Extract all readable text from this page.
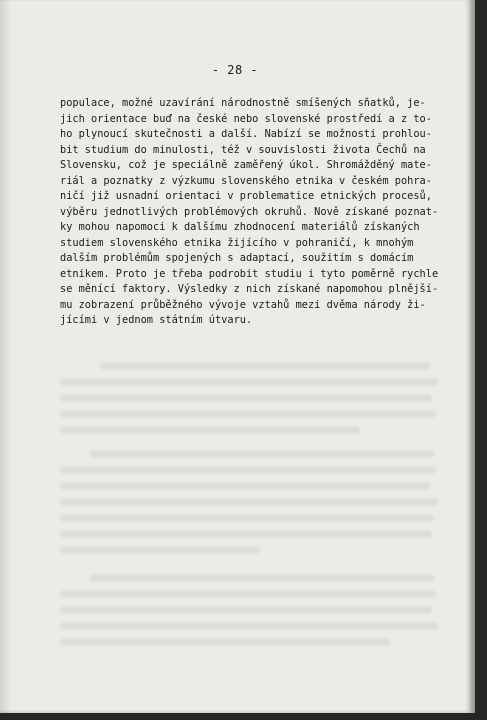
- 28 -
populace, možné uzavírání národnostně smíšených sňatků, je-
jich orientace buď na české nebo slovenské prostředí a z to-
ho plynoucí skutečnosti a další. Nabízí se možnosti prohlou-
bit studium do minulosti, též v souvislosti života Čechů na
Slovensku, což je speciálně zaměřený úkol. Shromážděný mate-
riál a poznatky z výzkumu slovenského etnika v českém pohra-
ničí již usnadní orientaci v problematice etnických procesů,
výběru jednotlivých problémových okruhů. Nově získané poznat-
ky mohou napomoci k dalšímu zhodnocení materiálů získaných
studiem slovenského etnika žijícího v pohraničí, k mnohým
dalším problémům spojených s adaptací, soužitím s domácím
etnikem. Proto je třeba podrobit studiu i tyto poměrně rychle
se měnící faktory. Výsledky z nich získané napomohou plnější-
mu zobrazení průběžného vývoje vztahů mezi dvěma národy ži-
jícími v jednom státním útvaru.
